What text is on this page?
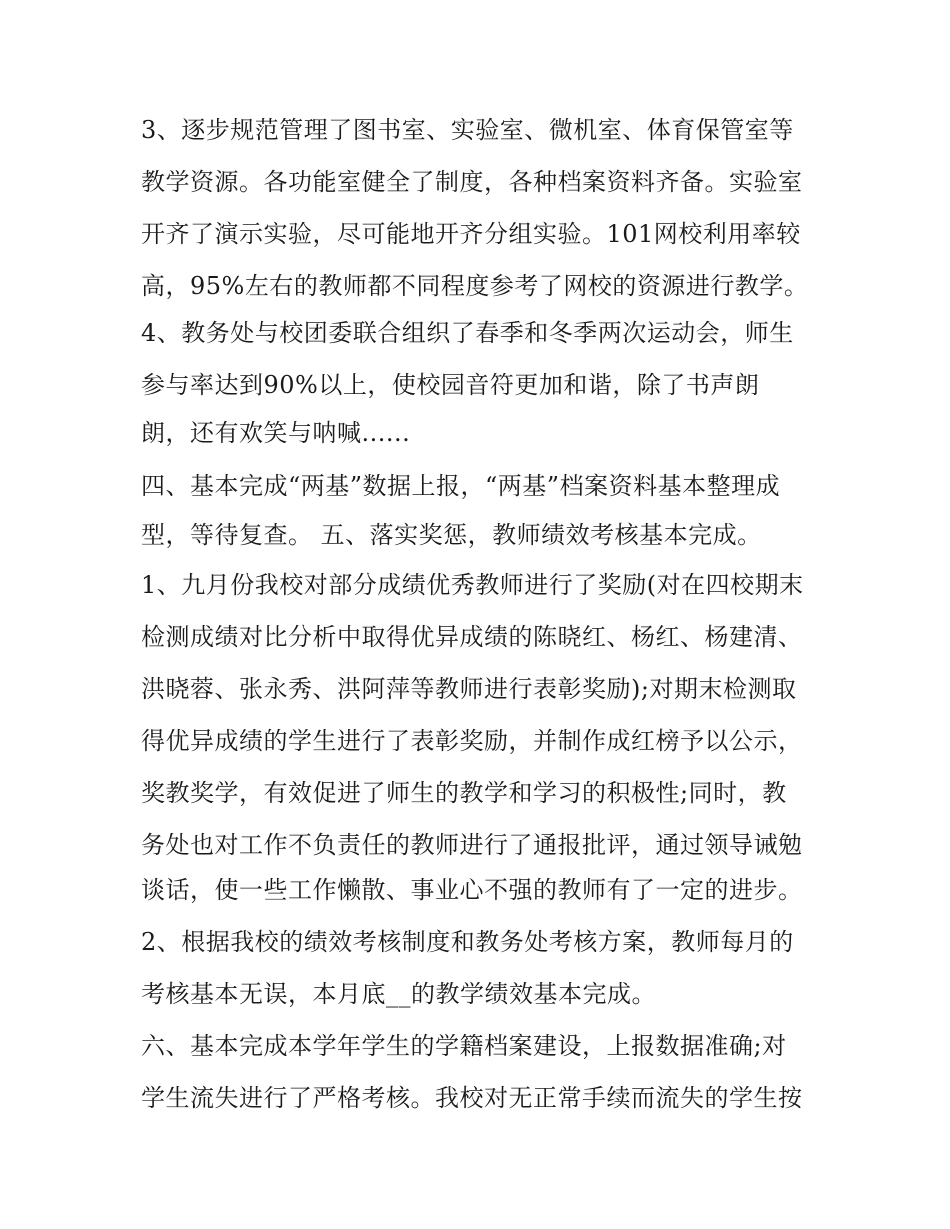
3、逐步规范管理了图书室、实验室、微机室、体育保管室等
教学资源。各功能室健全了制度，各种档案资料齐备。实验室
开齐了演示实验，尽可能地开齐分组实验。101网校利用率较
高，95%左右的教师都不同程度参考了网校的资源进行教学。
4、教务处与校团委联合组织了春季和冬季两次运动会，师生
参与率达到90%以上，使校园音符更加和谐，除了书声朗
朗，还有欢笑与呐喊......
四、基本完成“两基”数据上报，“两基”档案资料基本整理成
型，等待复查。 五、落实奖惩，教师绩效考核基本完成。
1、九月份我校对部分成绩优秀教师进行了奖励(对在四校期末
检测成绩对比分析中取得优异成绩的陈晓红、杨红、杨建清、
洪晓蓉、张永秀、洪阿萍等教师进行表彰奖励);对期末检测取
得优异成绩的学生进行了表彰奖励，并制作成红榜予以公示，
奖教奖学，有效促进了师生的教学和学习的积极性;同时，教
务处也对工作不负责任的教师进行了通报批评，通过领导诫勉
谈话，使一些工作懒散、事业心不强的教师有了一定的进步。
2、根据我校的绩效考核制度和教务处考核方案，教师每月的
考核基本无误，本月底__的教学绩效基本完成。
六、基本完成本学年学生的学籍档案建设，上报数据准确;对
学生流失进行了严格考核。我校对无正常手续而流失的学生按
